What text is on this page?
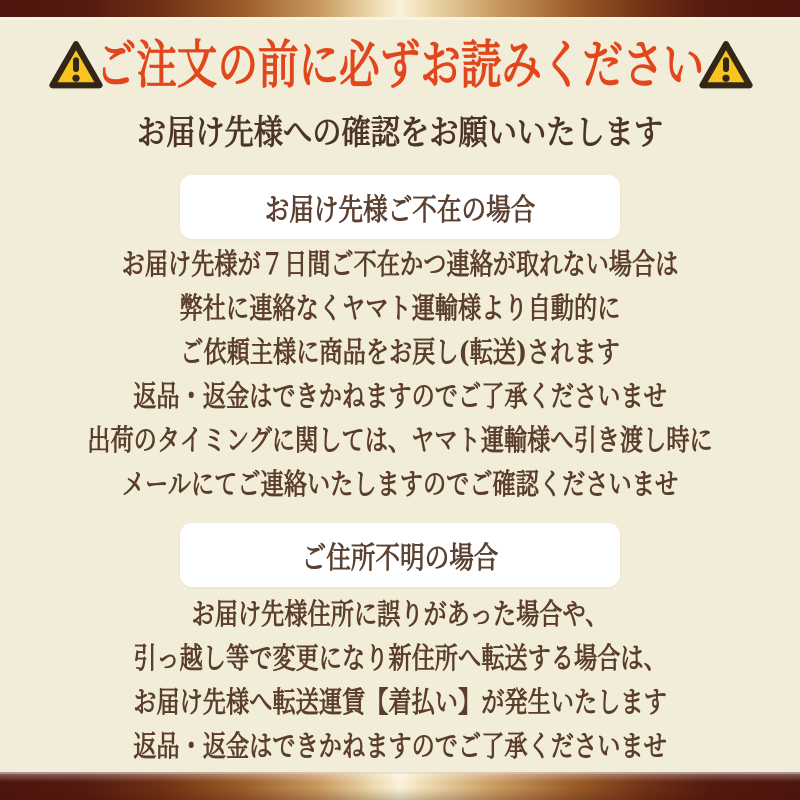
ご注文の前に必ずお読みください
お届け先様への確認をお願いいたします
お届け先様ご不在の場合

お届け先様が７日間ご不在かつ連絡が取れない場合は

弊社に連絡なくヤマト運輸様より自動的に

ご依頼主様に商品をお戻し(転送)されます

返品・返金はできかねますのでご了承くださいませ

出荷のタイミングに関しては、ヤマト運輸様へ引き渡し時に

メールにてご連絡いたしますのでご確認くださいませ

ご住所不明の場合

お届け先様住所に誤りがあった場合や、

引っ越し等で変更になり新住所へ転送する場合は、

お届け先様へ転送運賃【着払い】が発生いたします

返品・返金はできかねますのでご了承くださいませ
